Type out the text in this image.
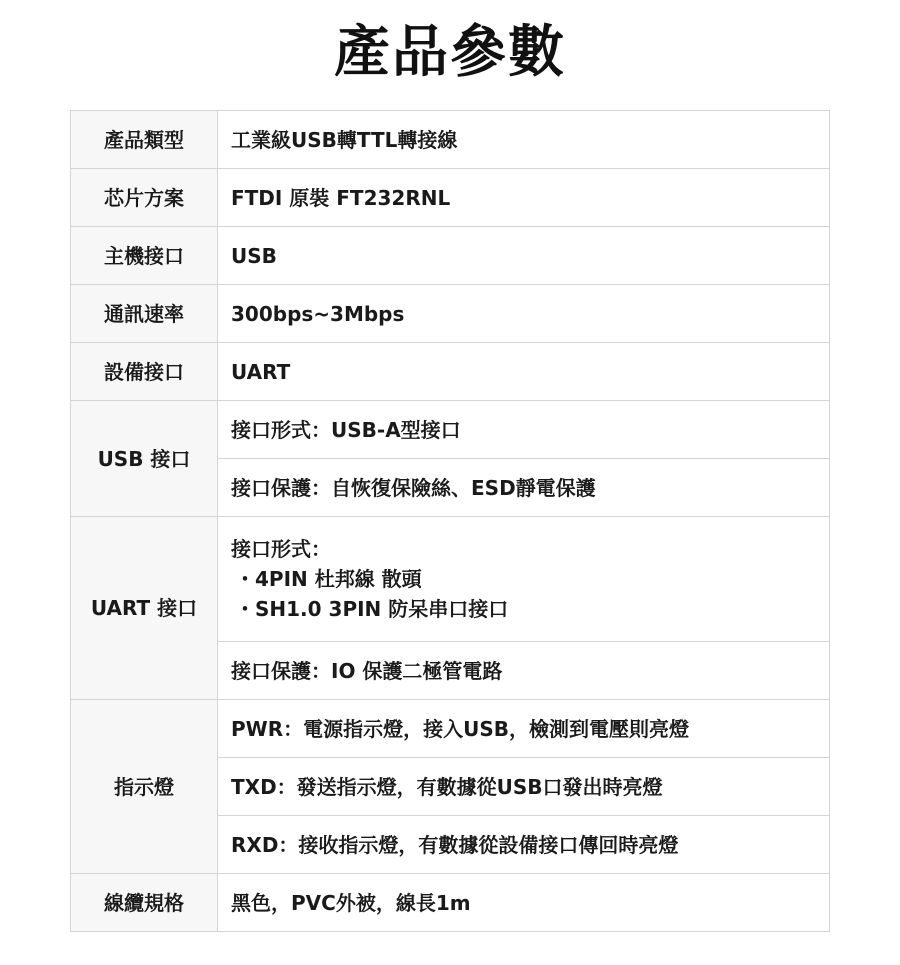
產品參數
產品類型	工業級USB轉TTL轉接線
芯片方案	FTDI 原裝 FT232RNL
主機接口	USB
通訊速率	300bps~3Mbps
設備接口	UART
USB 接口	接口形式：USB-A型接口
	接口保護：自恢復保險絲、ESD靜電保護
UART 接口	接口形式：
・4PIN 杜邦線 散頭
・SH1.0 3PIN 防呆串口接口

	接口保護：IO 保護二極管電路
指示燈	PWR：電源指示燈，接入USB，檢測到電壓則亮燈
	TXD：發送指示燈，有數據從USB口發出時亮燈
	RXD：接收指示燈，有數據從設備接口傳回時亮燈
線纜規格	黑色，PVC外被，線長1m
